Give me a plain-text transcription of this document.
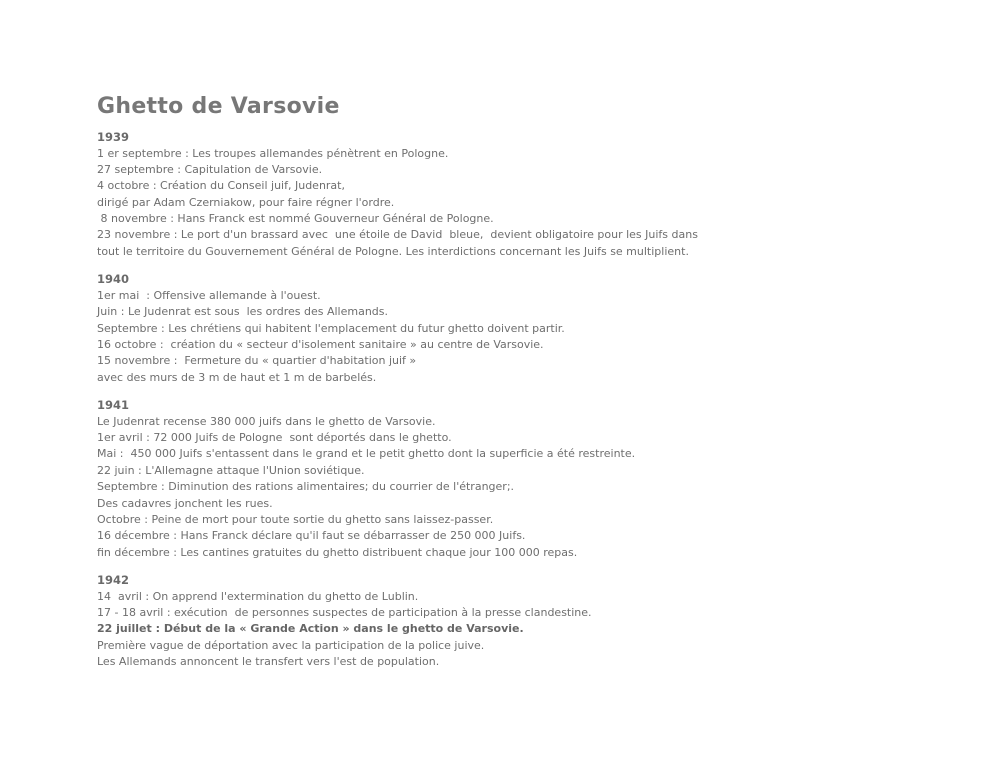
Ghetto de Varsovie
1939
1 er septembre : Les troupes allemandes pénètrent en Pologne.
27 septembre : Capitulation de Varsovie.
4 octobre : Création du Conseil juif, Judenrat,
dirigé par Adam Czerniakow, pour faire régner l'ordre.
8 novembre : Hans Franck est nommé Gouverneur Général de Pologne.
23 novembre : Le port d'un brassard avec  une étoile de David  bleue,  devient obligatoire pour les Juifs dans
tout le territoire du Gouvernement Général de Pologne. Les interdictions concernant les Juifs se multiplient.
1940
1er mai  : Offensive allemande à l'ouest.
Juin : Le Judenrat est sous  les ordres des Allemands.
Septembre : Les chrétiens qui habitent l'emplacement du futur ghetto doivent partir.
16 octobre :  création du « secteur d'isolement sanitaire » au centre de Varsovie.
15 novembre :  Fermeture du « quartier d'habitation juif »
avec des murs de 3 m de haut et 1 m de barbelés.
1941
Le Judenrat recense 380 000 juifs dans le ghetto de Varsovie.
1er avril : 72 000 Juifs de Pologne  sont déportés dans le ghetto.
Mai :  450 000 Juifs s'entassent dans le grand et le petit ghetto dont la superficie a été restreinte.
22 juin : L'Allemagne attaque l'Union soviétique.
Septembre : Diminution des rations alimentaires; du courrier de l'étranger;.
Des cadavres jonchent les rues.
Octobre : Peine de mort pour toute sortie du ghetto sans laissez-passer.
16 décembre : Hans Franck déclare qu'il faut se débarrasser de 250 000 Juifs.
fin décembre : Les cantines gratuites du ghetto distribuent chaque jour 100 000 repas.
1942
14  avril : On apprend l'extermination du ghetto de Lublin.
17 - 18 avril : exécution  de personnes suspectes de participation à la presse clandestine.
22 juillet : Début de la « Grande Action » dans le ghetto de Varsovie.
Première vague de déportation avec la participation de la police juive.
Les Allemands annoncent le transfert vers l'est de population.
